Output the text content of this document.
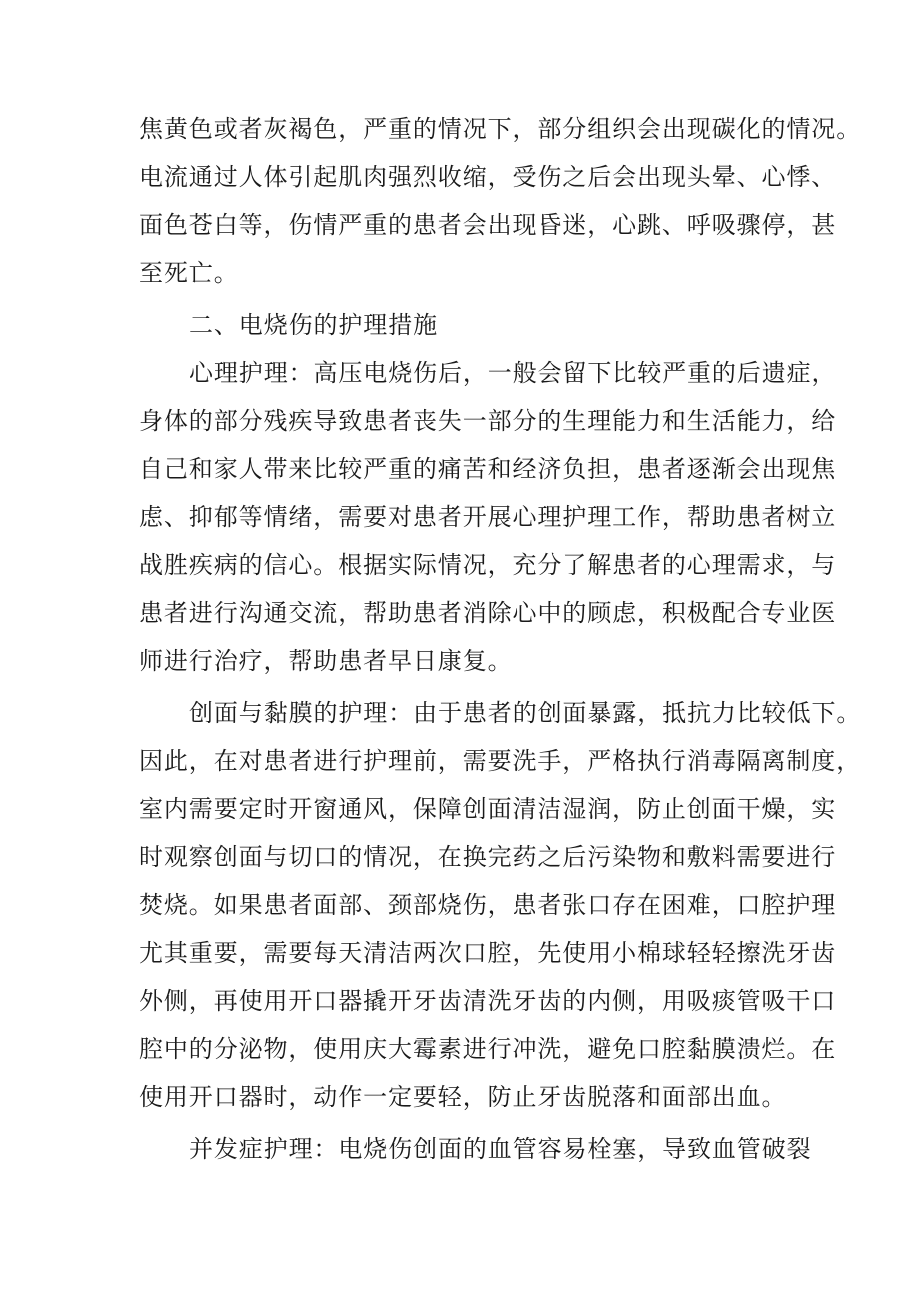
焦黄色或者灰褐色，严重的情况下，部分组织会出现碳化的情况。
电流通过人体引起肌肉强烈收缩，受伤之后会出现头晕、心悸、
面色苍白等，伤情严重的患者会出现昏迷，心跳、呼吸骤停，甚
至死亡。
二、电烧伤的护理措施
心理护理：高压电烧伤后，一般会留下比较严重的后遗症，
身体的部分残疾导致患者丧失一部分的生理能力和生活能力，给
自己和家人带来比较严重的痛苦和经济负担，患者逐渐会出现焦
虑、抑郁等情绪，需要对患者开展心理护理工作，帮助患者树立
战胜疾病的信心。根据实际情况，充分了解患者的心理需求，与
患者进行沟通交流，帮助患者消除心中的顾虑，积极配合专业医
师进行治疗，帮助患者早日康复。
创面与黏膜的护理：由于患者的创面暴露，抵抗力比较低下。
因此，在对患者进行护理前，需要洗手，严格执行消毒隔离制度，
室内需要定时开窗通风，保障创面清洁湿润，防止创面干燥，实
时观察创面与切口的情况，在换完药之后污染物和敷料需要进行
焚烧。如果患者面部、颈部烧伤，患者张口存在困难，口腔护理
尤其重要，需要每天清洁两次口腔，先使用小棉球轻轻擦洗牙齿
外侧，再使用开口器撬开牙齿清洗牙齿的内侧，用吸痰管吸干口
腔中的分泌物，使用庆大霉素进行冲洗，避免口腔黏膜溃烂。在
使用开口器时，动作一定要轻，防止牙齿脱落和面部出血。
并发症护理：电烧伤创面的血管容易栓塞，导致血管破裂
